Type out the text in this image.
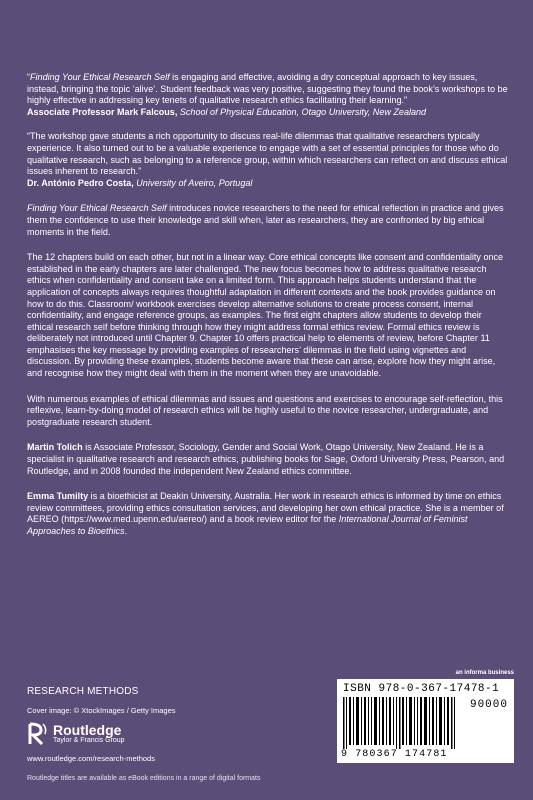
“Finding Your Ethical Research Self is engaging and effective, avoiding a dry conceptual approach to key issues, instead, bringing the topic ‘alive’. Student feedback was very positive, suggesting they found the book’s workshops to be highly effective in addressing key tenets of qualitative research ethics facilitating their learning.”
Associate Professor Mark Falcous, School of Physical Education, Otago University, New Zealand

“The workshop gave students a rich opportunity to discuss real-life dilemmas that qualitative researchers typically experience. It also turned out to be a valuable experience to engage with a set of essential principles for those who do qualitative research, such as belonging to a reference group, within which researchers can reflect on and discuss ethical issues inherent to research.”
Dr. António Pedro Costa, University of Aveiro, Portugal

Finding Your Ethical Research Self introduces novice researchers to the need for ethical reflection in practice and gives them the confidence to use their knowledge and skill when, later as researchers, they are confronted by big ethical moments in the field.

The 12 chapters build on each other, but not in a linear way. Core ethical concepts like consent and confidentiality once established in the early chapters are later challenged. The new focus becomes how to address qualitative research ethics when confidentiality and consent take on a limited form. This approach helps students understand that the application of concepts always requires thoughtful adaptation in different contexts and the book provides guidance on how to do this. Classroom/ workbook exercises develop alternative solutions to create process consent, internal confidentiality, and engage reference groups, as examples. The first eight chapters allow students to develop their ethical research self before thinking through how they might address formal ethics review. Formal ethics review is deliberately not introduced until Chapter 9. Chapter 10 offers practical help to elements of review, before Chapter 11 emphasises the key message by providing examples of researchers’ dilemmas in the field using vignettes and discussion. By providing these examples, students become aware that these can arise, explore how they might arise, and recognise how they might deal with them in the moment when they are unavoidable.

With numerous examples of ethical dilemmas and issues and questions and exercises to encourage self-reflection, this reflexive, learn-by-doing model of research ethics will be highly useful to the novice researcher, undergraduate, and postgraduate research student.

Martin Tolich is Associate Professor, Sociology, Gender and Social Work, Otago University, New Zealand. He is a specialist in qualitative research and research ethics, publishing books for Sage, Oxford University Press, Pearson, and Routledge, and in 2008 founded the independent New Zealand ethics committee.

Emma Tumilty is a bioethicist at Deakin University, Australia. Her work in research ethics is informed by time on ethics review committees, providing ethics consultation services, and developing her own ethical practice. She is a member of AEREO (https://www.med.upenn.edu/aereo/) and a book review editor for the International Journal of Feminist Approaches to Bioethics.

RESEARCH METHODS
Cover image: © XtockImages / Getty Images
Routledge
Taylor & Francis Group
www.routledge.com/research-methods
Routledge titles are available as eBook editions in a range of digital formats
an informa business
ISBN 978-0-367-17478-1
90000
9 780367 174781
